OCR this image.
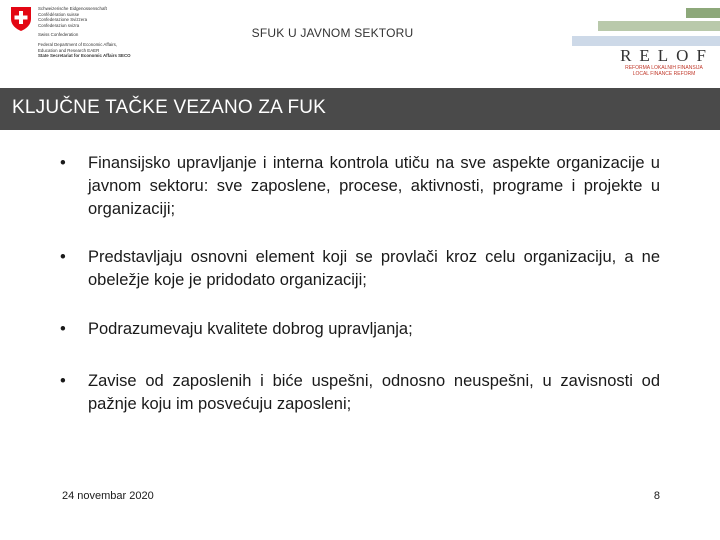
Schweizerische Eidgenossenschaft
Confédération suisse
Confederazione Svizzera
Confederaziun svizra
Swiss Confederation
Federal Department of Economic Affairs,
Education and Research EAER
State Secretariat for Economic Affairs SECO
SFUK U JAVNOM SEKTORU
RELOF
REFORMA LOKALNIH FINANSIJA
LOCAL FINANCE REFORM
KLJUČNE TAČKE VEZANO ZA FUK
• Finansijsko upravljanje i interna kontrola utiču na sve aspekte organizacije u javnom sektoru: sve zaposlene, procese, aktivnosti, programe i projekte u organizaciji;
• Predstavljaju osnovni element koji se provlači kroz celu organizaciju, a ne obeležje koje je pridodato organizaciji;
• Podrazumevaju kvalitete dobrog upravljanja;
• Zavise od zaposlenih i biće uspešni, odnosno neuspešni, u zavisnosti od pažnje koju im posvećuju zaposleni;
24 novembar 2020	8
